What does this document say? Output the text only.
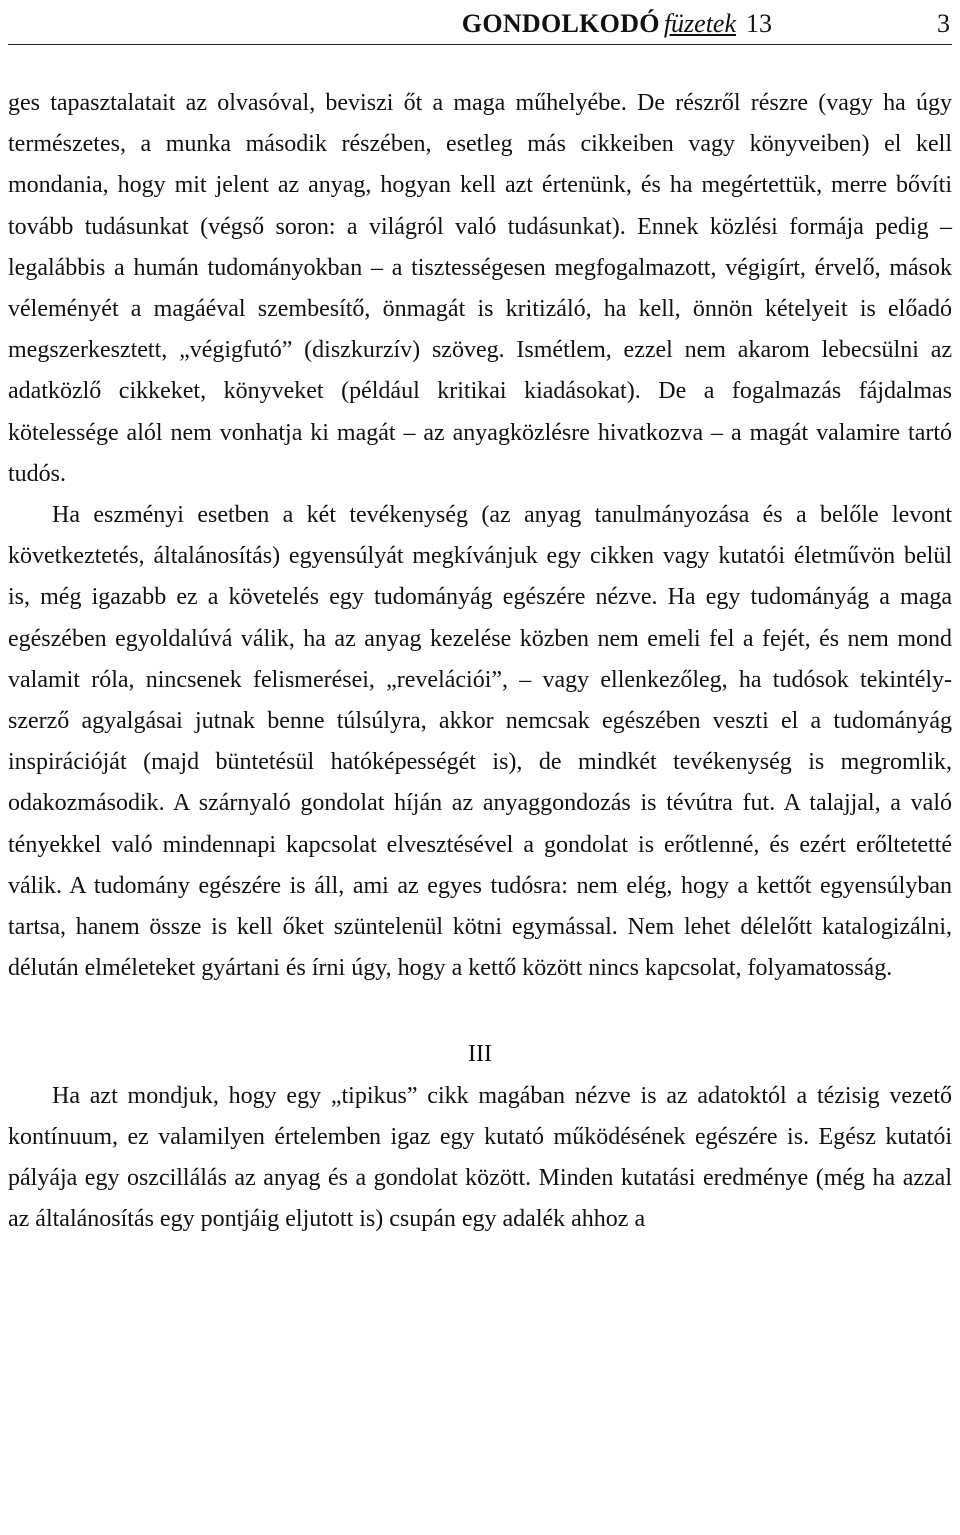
GONDOLKODÓ füzetek 13	3

ges tapasztalatait az olvasóval, beviszi őt a maga műhelyébe. De részről részre (vagy ha úgy természetes, a munka második részében, esetleg más cikkeiben vagy könyveiben) el kell mondania, hogy mit jelent az anyag, hogyan kell azt értenünk, és ha megértettük, merre bővíti tovább tudásunkat (végső soron: a világról való tudásunkat). Ennek közlési formája pedig – legalábbis a humán tudományokban – a tisztességesen megfogalmazott, végigírt, érvelő, mások véleményét a magáéval szembesítő, önmagát is kritizáló, ha kell, önnön kételyeit is előadó megszerkesztett, „végigfutó” (diszkurzív) szöveg. Ismétlem, ezzel nem akarom lebecsülni az adatközlő cikkeket, könyveket (például kritikai kiadásokat). De a fogalmazás fájdalmas kötelessége alól nem vonhatja ki magát – az anyagközlésre hivatkozva – a magát valamire tartó tudós.

Ha eszményi esetben a két tevékenység (az anyag tanulmányozása és a belőle levont következtetés, általánosítás) egyensúlyát megkívánjuk egy cikken vagy kutatói életművön belül is, még igazabb ez a követelés egy tudományág egészére nézve. Ha egy tudományág a maga egészében egyoldalúvá válik, ha az anyag kezelése közben nem emeli fel a fejét, és nem mond valamit róla, nincsenek felismerései, „revelációi”, – vagy ellenkezőleg, ha tudósok tekintély-szerző agyalgásai jutnak benne túlsúlyra, akkor nemcsak egészében veszti el a tudományág inspirációját (majd büntetésül hatóképességét is), de mindkét tevékenység is megromlik, odakozmásodik. A szárnyaló gondolat híján az anyaggondozás is tévútra fut. A talajjal, a való tényekkel való mindennapi kapcsolat elvesztésével a gondolat is erőtlenné, és ezért erőltetetté válik. A tudomány egészére is áll, ami az egyes tudósra: nem elég, hogy a kettőt egyensúlyban tartsa, hanem össze is kell őket szüntelenül kötni egymással. Nem lehet délelőtt katalogizálni, délután elméleteket gyártani és írni úgy, hogy a kettő között nincs kapcsolat, folyamatosság.

III

Ha azt mondjuk, hogy egy „tipikus” cikk magában nézve is az adatoktól a tézisig vezető kontínuum, ez valamilyen értelemben igaz egy kutató működésének egészére is. Egész kutatói pályája egy oszcillálás az anyag és a gondolat között. Minden kutatási eredménye (még ha azzal az általánosítás egy pontjáig eljutott is) csupán egy adalék ahhoz a
